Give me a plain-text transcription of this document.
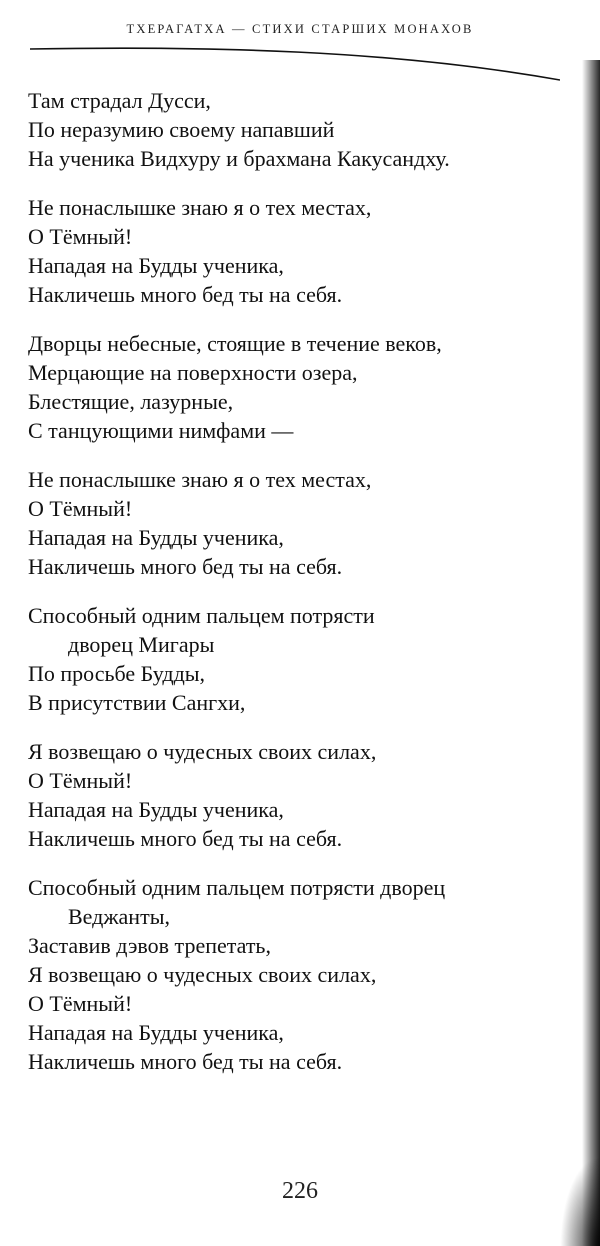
ТХЕРАГАТХА — СТИХИ СТАРШИХ МОНАХОВ
Там страдал Дусси,
По неразумию своему напавший
На ученика Видхуру и брахмана Какусандху.
Не понаслышке знаю я о тех местах,
О Тёмный!
Нападая на Будды ученика,
Накличешь много бед ты на себя.
Дворцы небесные, стоящие в течение веков,
Мерцающие на поверхности озера,
Блестящие, лазурные,
С танцующими нимфами —
Не понаслышке знаю я о тех местах,
О Тёмный!
Нападая на Будды ученика,
Накличешь много бед ты на себя.
Способный одним пальцем потрясти
дворец Мигары
По просьбе Будды,
В присутствии Сангхи,
Я возвещаю о чудесных своих силах,
О Тёмный!
Нападая на Будды ученика,
Накличешь много бед ты на себя.
Способный одним пальцем потрясти дворец
Веджанты,
Заставив дэвов трепетать,
Я возвещаю о чудесных своих силах,
О Тёмный!
Нападая на Будды ученика,
Накличешь много бед ты на себя.
226
